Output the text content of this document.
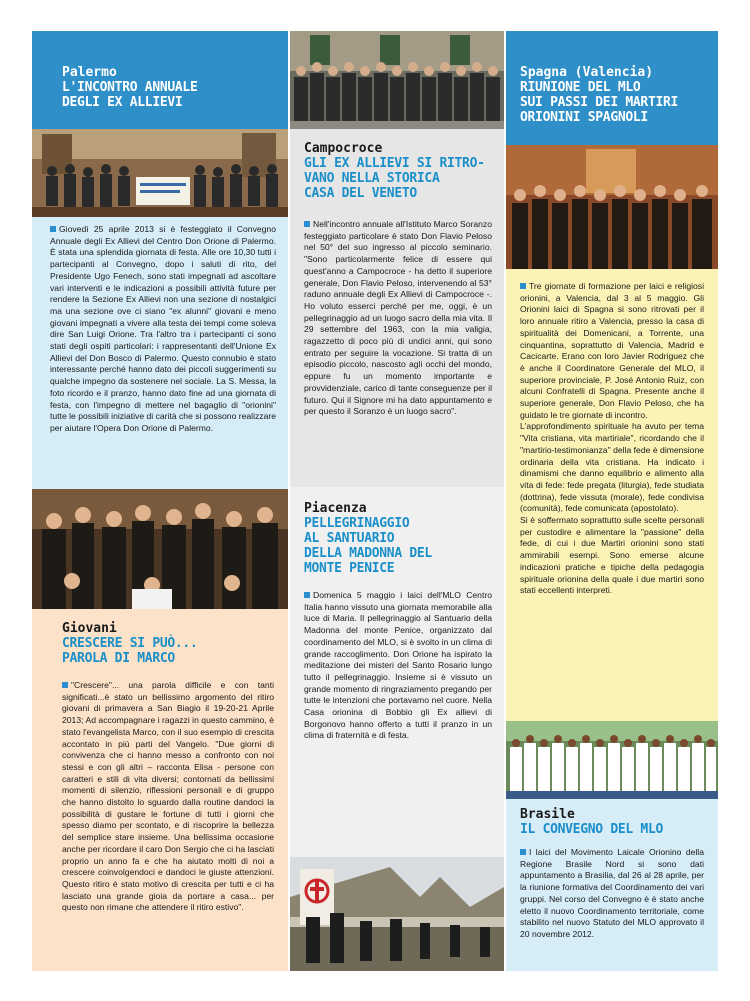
Palermo

L'INCONTRO ANNUALE

DEGLI EX ALLIEVI

Giovedì 25 aprile 2013 si è festeggiato il Convegno Annuale degli Ex Allievi del Centro Don Orione di Palermo. È stata una splendida giornata di festa. Alle ore 10,30 tutti i partecipanti al Convegno, dopo i saluti di rito, del Presidente Ugo Fenech, sono stati impegnati ad ascoltare vari interventi e le indicazioni a possibili attività future per rendere la Sezione Ex Allievi non una sezione di nostalgici ma una sezione ove ci siano "ex alunni" giovani e meno giovani impegnati a vivere alla testa dei tempi come soleva dire San Luigi Orione. Tra l'altro tra i partecipanti ci sono stati degli ospiti particolari: i rappresentanti dell'Unione Ex Allievi del Don Bosco di Palermo. Questo connubio è stato interessante perché hanno dato dei piccoli suggerimenti su qualche impegno da sostenere nel sociale. La S. Messa, la foto ricordo e il pranzo, hanno dato fine ad una giornata di festa, con l'impegno di mettere nel bagaglio di "orionini" tutte le possibili iniziative di carità che si possono realizzare per aiutare l'Opera Don Orione di Palermo.

Giovani

CRESCERE SI PUÒ...

PAROLA DI MARCO

"Crescere"... una parola difficile e con tanti significati...è stato un bellissimo argomento del ritiro giovani di primavera a San Biagio il 19-20-21 Aprile 2013; Ad accompagnare i ragazzi in questo cammino, è stato l'evangelista Marco, con il suo esempio di crescita accontato in più parti del Vangelo. "Due giorni di convivenza che ci hanno messo a confronto con noi stessi e con gli altri – racconta Elisa - persone con caratteri e stili di vita diversi; contornati da bellissimi momenti di silenzio, riflessioni personali e di gruppo che hanno distolto lo sguardo dalla routine dandoci la possibilità di gustare le fortune di tutti i giorni che spesso diamo per scontato, e di riscoprire la bellezza del semplice stare insieme. Una bellissima occasione anche per ricordare il caro Don Sergio che ci ha lasciati proprio un anno fa e che ha aiutato molti di noi a crescere coinvolgendoci e dandoci le giuste attenzioni. Questo ritiro è stato motivo di crescita per tutti e ci ha lasciato una grande gioia da portare a casa... per questo non rimane che attendere il ritiro estivo".

Campocroce

GLI EX ALLIEVI SI RITRO-

VANO NELLA STORICA

CASA DEL VENETO

Nell'incontro annuale all'Istituto Marco Soranzo festeggiato particolare è stato Don Flavio Peloso nel 50° del suo ingresso al piccolo seminario. "Sono particolarmente felice di essere qui quest'anno a Campocroce - ha detto il superiore generale, Don Flavio Peloso, intervenendo al 53° raduno annuale degli Ex Allievi di Campocroce -. Ho voluto esserci perché per me, oggi, è un pellegrinaggio ad un luogo sacro della mia vita. Il 29 settembre del 1963, con la mia valigia, ragazzetto di poco più di undici anni, qui sono entrato per seguire la vocazione. Si tratta di un episodio piccolo, nascosto agli occhi del mondo, eppure fu un momento importante e provvidenziale, carico di tante conseguenze per il futuro. Qui il Signore mi ha dato appuntamento e per questo il Soranzo è un luogo sacro".

Piacenza

PELLEGRINAGGIO

AL SANTUARIO

DELLA MADONNA DEL

MONTE PENICE

Domenica 5 maggio i laici dell'MLO Centro Italia hanno vissuto una giornata memorabile alla luce di Maria. Il pellegrinaggio al Santuario della Madonna del monte Penice, organizzato dal coordinamento del MLO, si è svolto in un clima di grande raccoglimento. Don Orione ha ispirato la meditazione dei misteri del Santo Rosario lungo tutto il pellegrinaggio. Insieme si è vissuto un grande momento di ringraziamento pregando per tutte le intenzioni che portavamo nel cuore. Nella Casa orionina di Bobbio gli Ex allievi di Borgonovo hanno offerto a tutti il pranzo in un clima di fraternità e di festa.

Spagna (Valencia)

RIUNIONE DEL MLO

SUI PASSI DEI MARTIRI

ORIONINI SPAGNOLI

Tre giornate di formazione per laici e religiosi orionini, a Valencia, dal 3 al 5 maggio. Gli Orionini laici di Spagna si sono ritrovati per il loro annuale ritiro a Valencia, presso la casa di spiritualità dei Domenicani, a Torrente, una cinquantina, soprattutto di Valencia, Madrid e Cacicarte. Erano con loro Javier Rodriguez che è anche il Coordinatore Generale del MLO, il superiore provinciale, P. José Antonio Ruiz, con alcuni Confratelli di Spagna. Presente anche il superiore generale, Don Flavio Peloso, che ha guidato le tre giornate di incontro.

L'approfondimento spirituale ha avuto per tema "Vita cristiana, vita martiriale", ricordando che il "martirio-testimonianza" della fede è dimensione ordinaria della vita cristiana. Ha indicato i dinamismi che danno equilibrio e alimento alla vita di fede: fede pregata (liturgia), fede studiata (dottrina), fede vissuta (morale), fede condivisa (comunità), fede comunicata (apostolato).

Si è soffermato soprattutto sulle scelte personali per custodire e alimentare la "passione" della fede, di cui i due Martiri orionini sono stati ammirabili esempi. Sono emerse alcune indicazioni pratiche e tipiche della pedagogia spirituale orionina della quale i due martiri sono stati eccellenti interpreti.

Brasile

IL CONVEGNO DEL MLO

I laici del Movimento Laicale Orionino della Regione Brasile Nord si sono dati appuntamento a Brasilia, dal 26 al 28 aprile, per la riunione formativa del Coordinamento dei vari gruppi. Nel corso del Convegno è è stato anche eletto il nuovo Coordinamento territoriale, come stabilito nel nuovo Statuto del MLO approvato il 20 novembre 2012.
